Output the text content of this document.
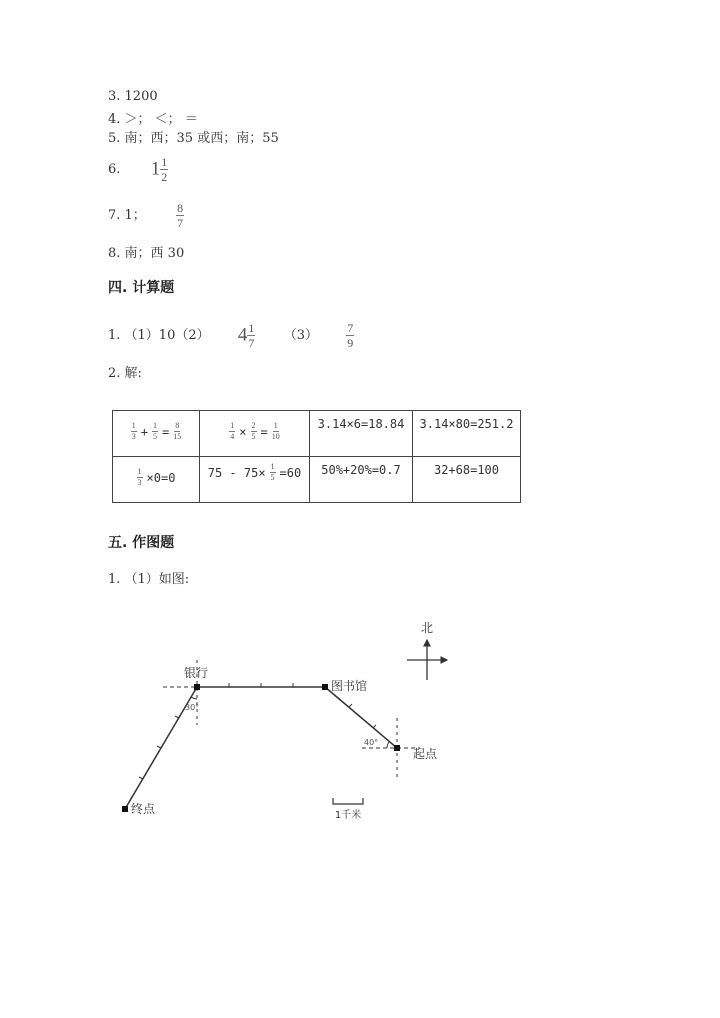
3. 1200
4. ＞； ＜； ＝
5. 南；西；35 或西；南；55
6. $1 \frac{1}{2}$
7. 1；	$\frac{8}{7}$
8. 南；西 30
四. 计算题
1. （1）10（2） $4 \frac{1}{7} (3) \frac{7}{9}$
2. 解:
$\frac{1}{3} + \frac{1}{5} = \frac{8}{15}$	$\frac{1}{4} \times \frac{2}{5} = \frac{1}{10}$	3.14×6=18.84	3.14×80=251.2

$\frac{1}{3} \times 0=0$	$75 - 75\times \frac{1}{5} =60$	50%+20%=0.7	32+68=100
五. 作图题
1. （1）如图:
北
银行
图书馆
起点
终点
30°
40°
1千米
